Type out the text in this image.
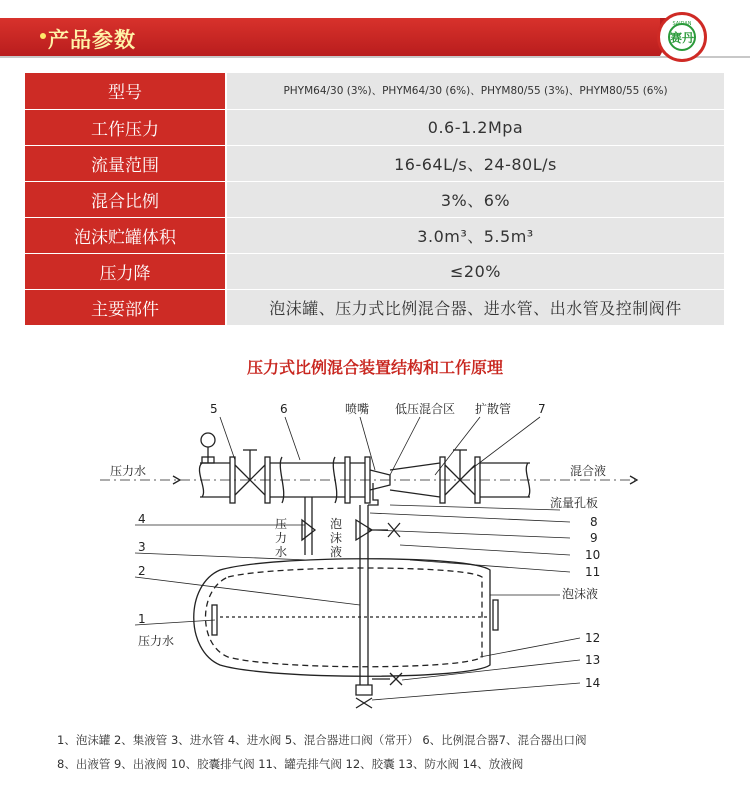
产品参数
SAIDAN
赛丹
型号	PHYM64/30 (3%)、PHYM64/30 (6%)、PHYM80/55 (3%)、PHYM80/55 (6%)
工作压力	0.6-1.2Mpa
流量范围	16-64L/s、24-80L/s
混合比例	3%、6%
泡沫贮罐体积	3.0m³、5.5m³
压力降	≤20%
主要部件	泡沫罐、压力式比例混合器、进水管、出水管及控制阀件
压力式比例混合装置结构和工作原理
5	6	喷嘴 低压混合区 扩散管 7
压力水	混合液
4
3
2
1
压力水
流量孔板
8
9
10
11
泡沫液
12
13
14
压
力
水
泡
沫
液
1、泡沫罐 2、集液管 3、进水管 4、进水阀 5、混合器进口阀（常开） 6、比例混合器7、混合器出口阀
8、出液管 9、出液阀 10、胶囊排气阀 11、罐壳排气阀 12、胶囊 13、防水阀 14、放液阀
